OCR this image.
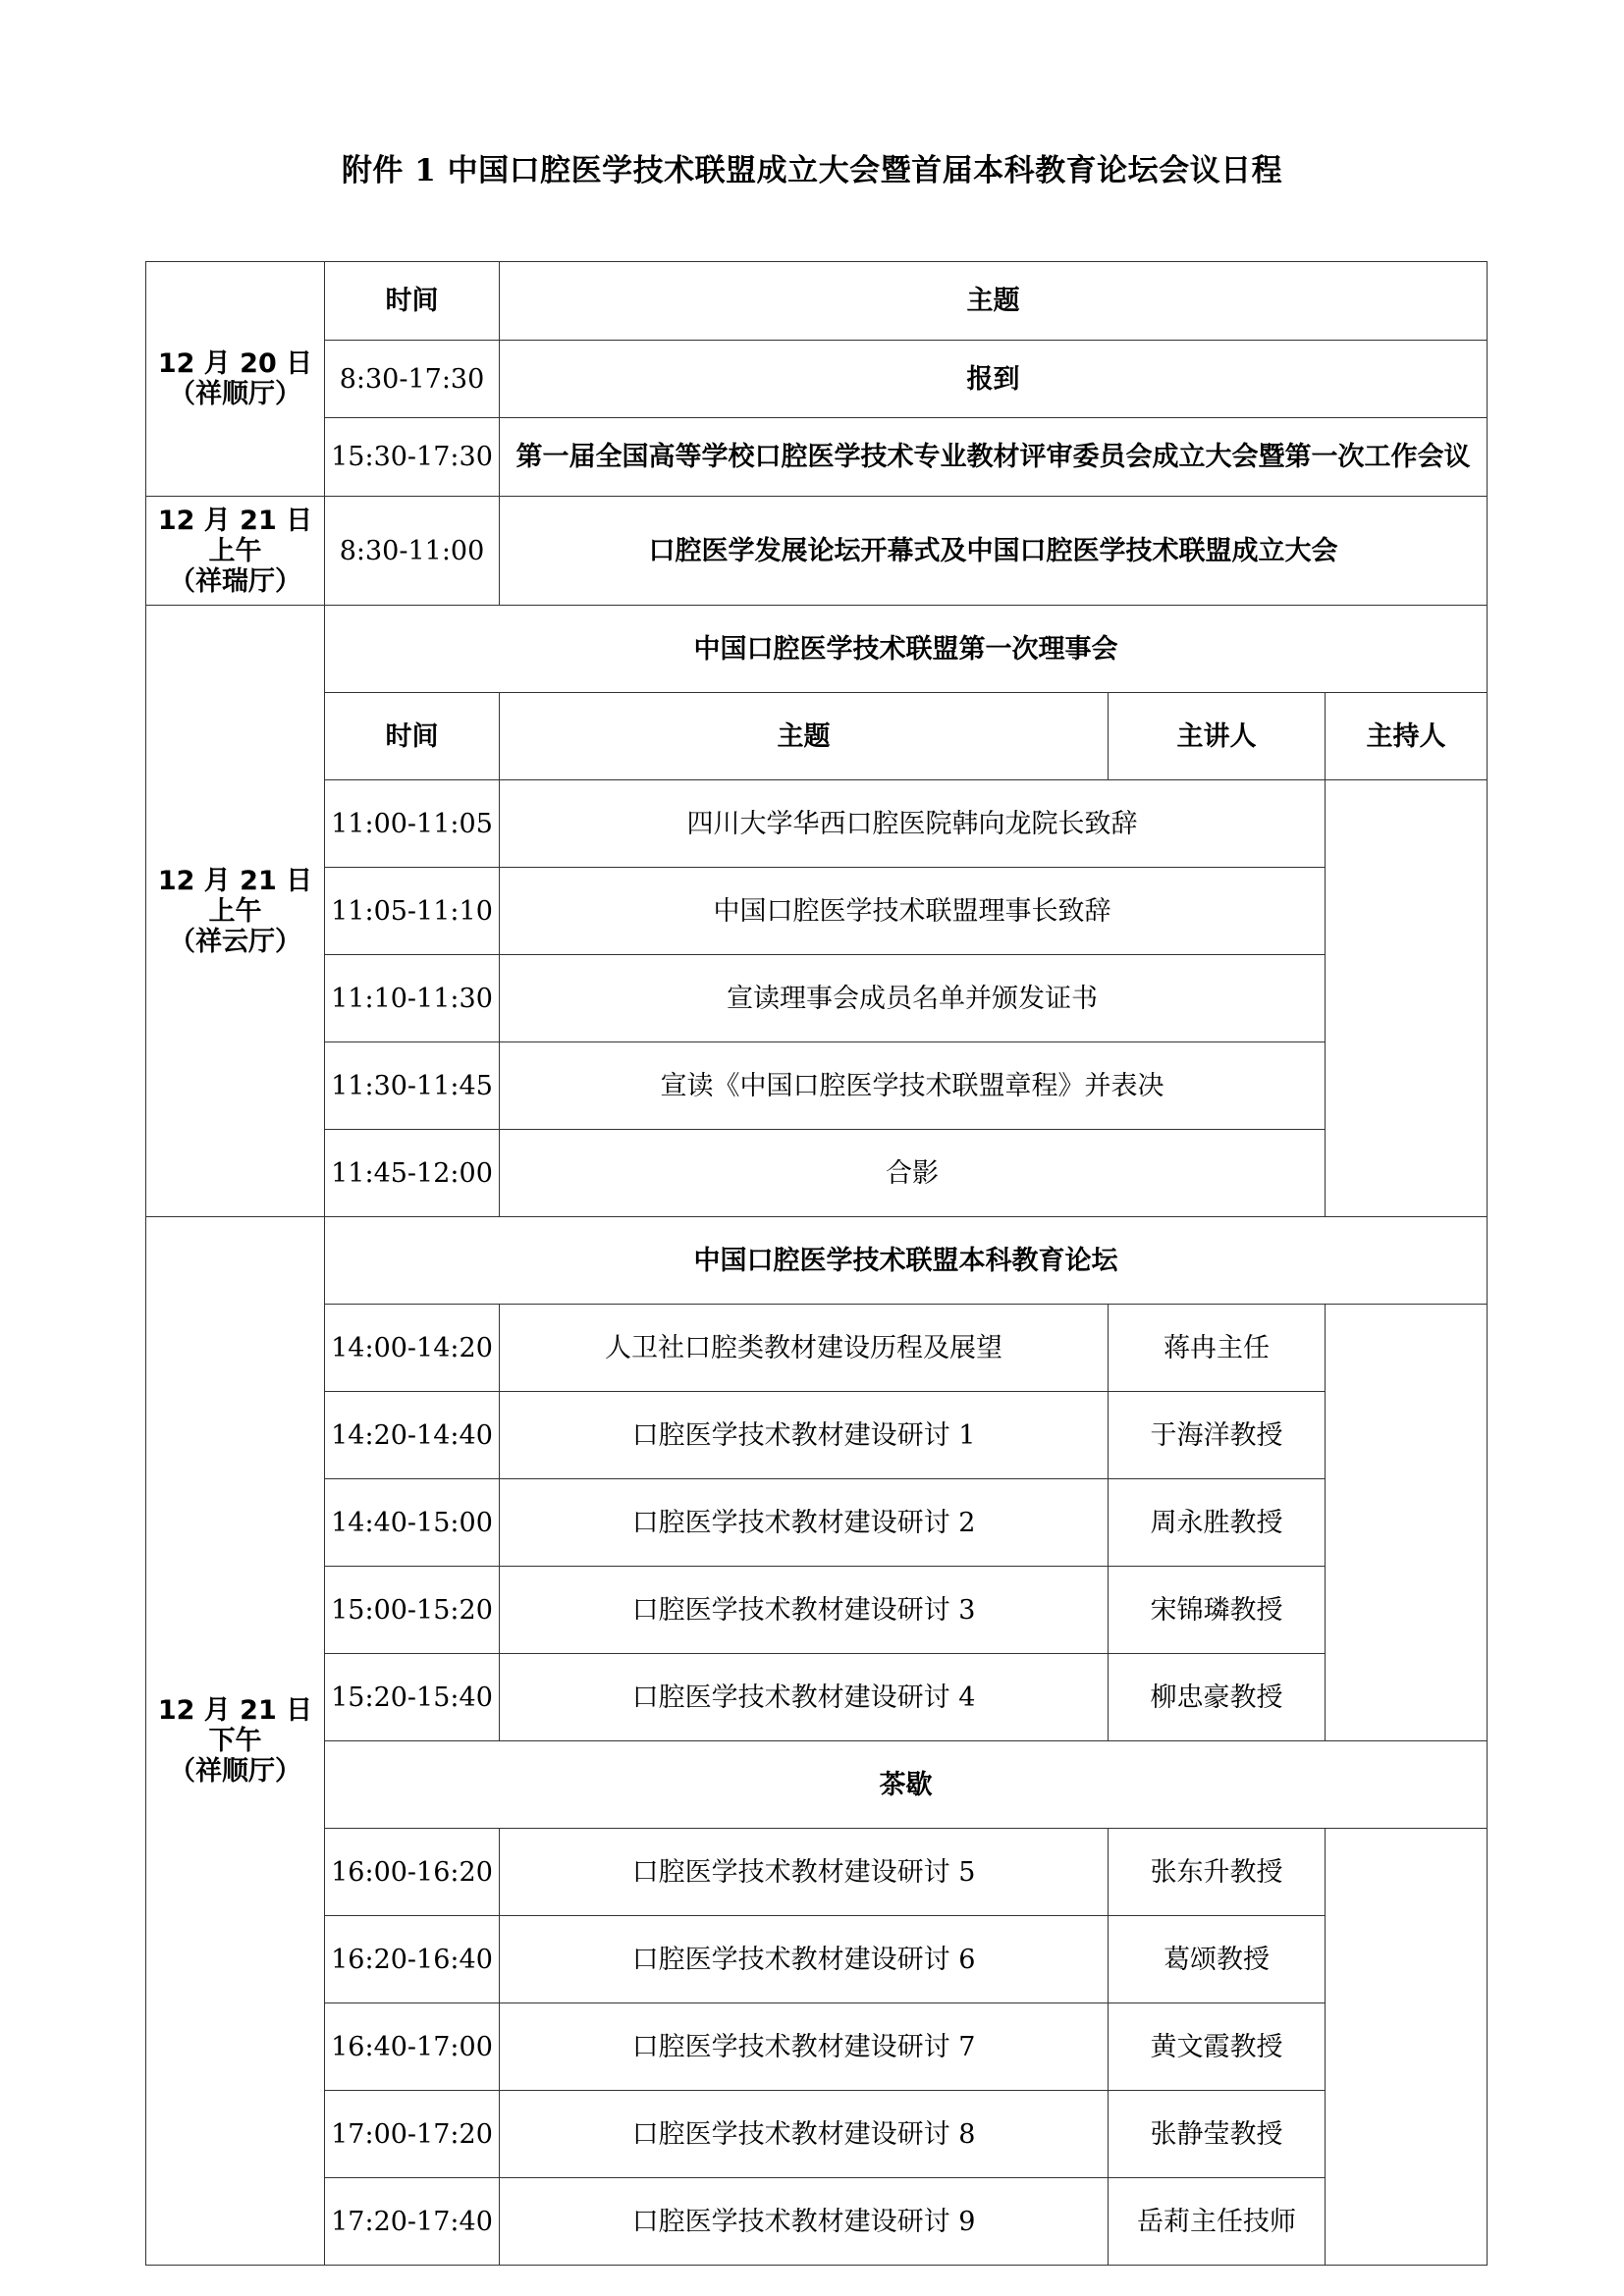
附件 1 中国口腔医学技术联盟成立大会暨首届本科教育论坛会议日程
12 月 20 日
（祥顺厅）	时间	主题		
	8:30-17:30	报到		
	15:30-17:30	第一届全国高等学校口腔医学技术专业教材评审委员会成立大会暨第一次工作会议		

12 月 21 日
上午
（祥瑞厅）	8:30-11:00	口腔医学发展论坛开幕式及中国口腔医学技术联盟成立大会		

12 月 21 日
上午
（祥云厅）	中国口腔医学技术联盟第一次理事会			
	时间	主题	主讲人	主持人
	11:00-11:05	四川大学华西口腔医院韩向龙院长致辞		
	11:05-11:10	中国口腔医学技术联盟理事长致辞		
	11:10-11:30	宣读理事会成员名单并颁发证书		
	11:30-11:45	宣读《中国口腔医学技术联盟章程》并表决		
	11:45-12:00	合影		

12 月 21 日
下午
（祥顺厅）	中国口腔医学技术联盟本科教育论坛			
	14:00-14:20	人卫社口腔类教材建设历程及展望	蒋冉主任	
	14:20-14:40	口腔医学技术教材建设研讨 1	于海洋教授	
	14:40-15:00	口腔医学技术教材建设研讨 2	周永胜教授	
	15:00-15:20	口腔医学技术教材建设研讨 3	宋锦璘教授	
	15:20-15:40	口腔医学技术教材建设研讨 4	柳忠豪教授	
	茶歇			
	16:00-16:20	口腔医学技术教材建设研讨 5	张东升教授	
	16:20-16:40	口腔医学技术教材建设研讨 6	葛颂教授	
	16:40-17:00	口腔医学技术教材建设研讨 7	黄文霞教授	
	17:00-17:20	口腔医学技术教材建设研讨 8	张静莹教授	
	17:20-17:40	口腔医学技术教材建设研讨 9	岳莉主任技师	
